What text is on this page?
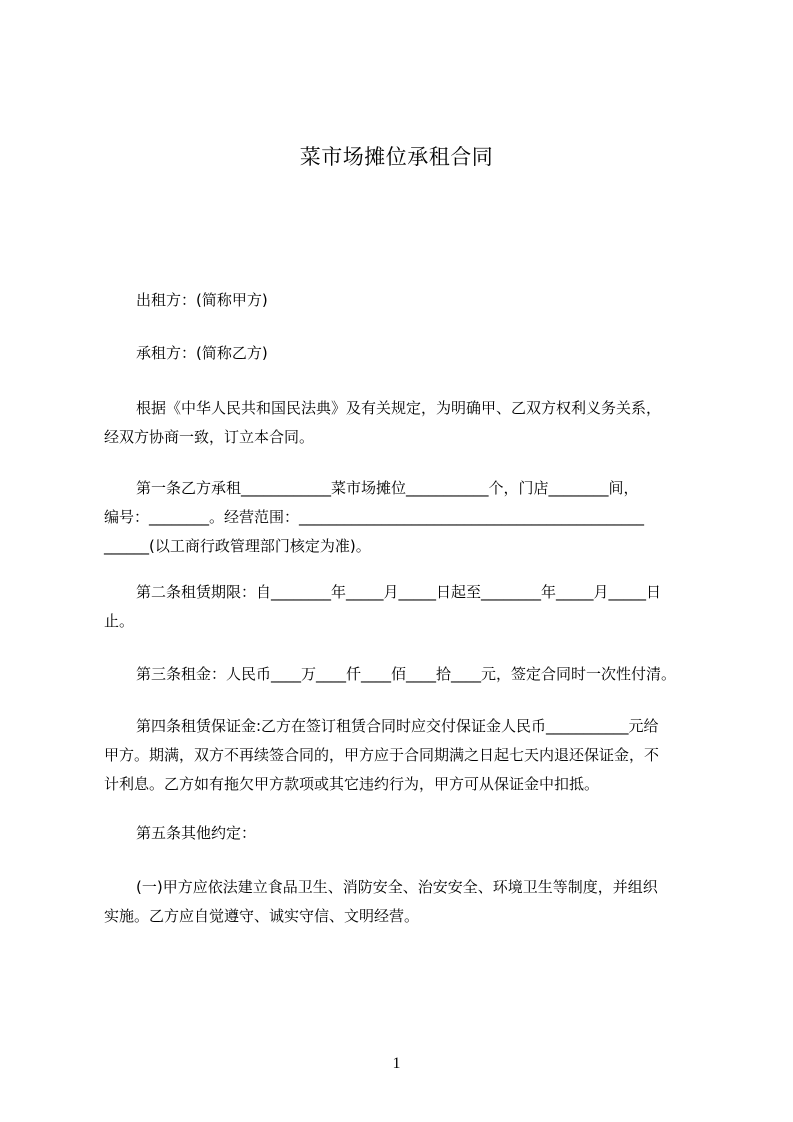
菜市场摊位承租合同
出租方：(简称甲方)
承租方：(简称乙方)
根据《中华人民共和国民法典》及有关规定，为明确甲、乙双方权利义务关系，
经双方协商一致，订立本合同。
第一条乙方承租____________菜市场摊位___________个，门店________间，
编号：________。经营范围：______________________________________________
______(以工商行政管理部门核定为准)。
第二条租赁期限：自________年_____月_____日起至________年_____月_____日
止。
第三条租金：人民币____万____仟____佰____拾____元，签定合同时一次性付清。
第四条租赁保证金:乙方在签订租赁合同时应交付保证金人民币___________元给
甲方。期满，双方不再续签合同的，甲方应于合同期满之日起七天内退还保证金，不
计利息。乙方如有拖欠甲方款项或其它违约行为，甲方可从保证金中扣抵。
第五条其他约定：
(一)甲方应依法建立食品卫生、消防安全、治安安全、环境卫生等制度，并组织
实施。乙方应自觉遵守、诚实守信、文明经营。
1
